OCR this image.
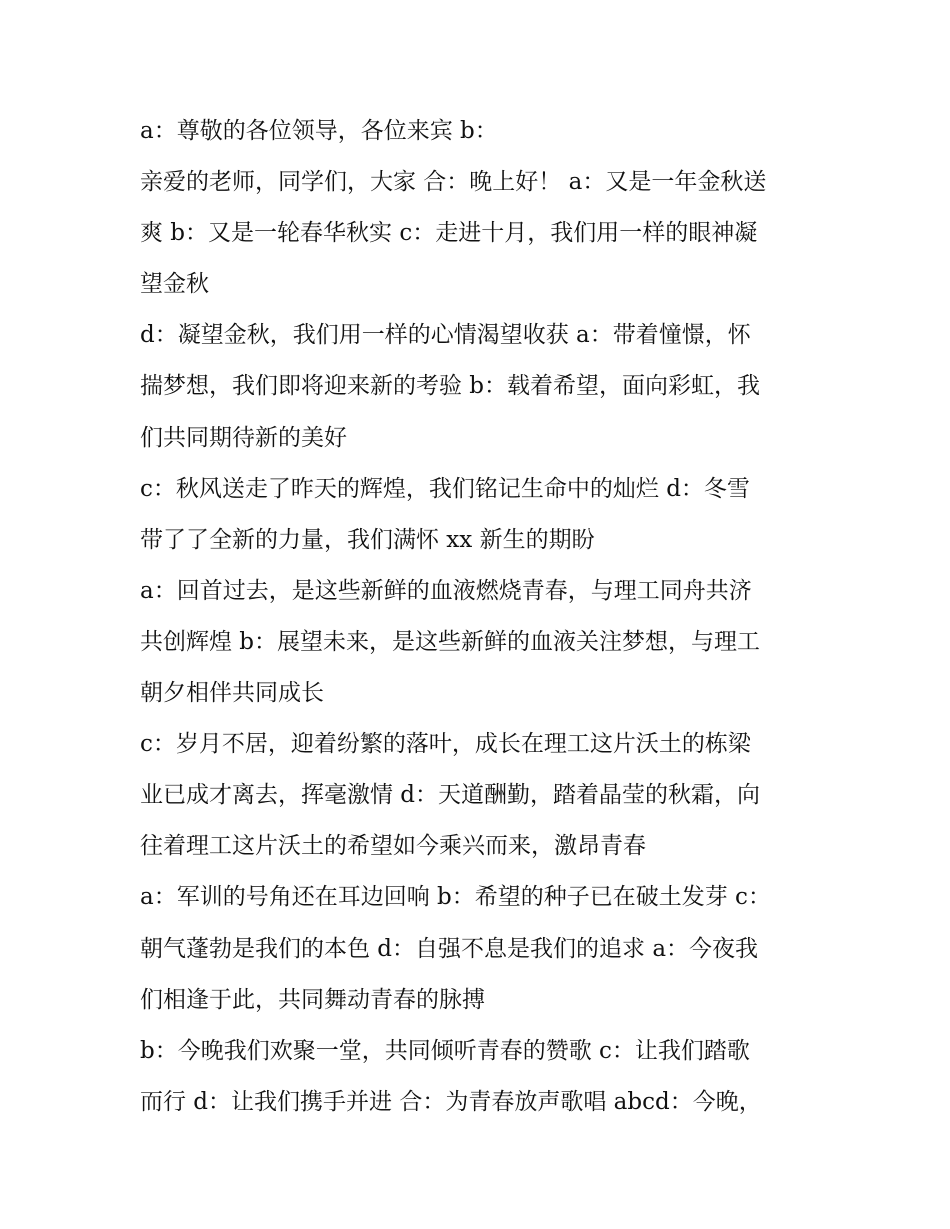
a：尊敬的各位领导，各位来宾 b：
亲爱的老师，同学们，大家 合：晚上好！ a：又是一年金秋送
爽 b：又是一轮春华秋实 c：走进十月，我们用一样的眼神凝
望金秋
d：凝望金秋，我们用一样的心情渴望收获 a：带着憧憬，怀
揣梦想，我们即将迎来新的考验 b：载着希望，面向彩虹，我
们共同期待新的美好
c：秋风送走了昨天的辉煌，我们铭记生命中的灿烂 d：冬雪
带了了全新的力量，我们满怀 xx 新生的期盼
a：回首过去，是这些新鲜的血液燃烧青春，与理工同舟共济
共创辉煌 b：展望未来，是这些新鲜的血液关注梦想，与理工
朝夕相伴共同成长
c：岁月不居，迎着纷繁的落叶，成长在理工这片沃土的栋梁
业已成才离去，挥毫激情 d：天道酬勤，踏着晶莹的秋霜，向
往着理工这片沃土的希望如今乘兴而来，激昂青春
a：军训的号角还在耳边回响 b：希望的种子已在破土发芽 c：
朝气蓬勃是我们的本色 d：自强不息是我们的追求 a：今夜我
们相逢于此，共同舞动青春的脉搏
b：今晚我们欢聚一堂，共同倾听青春的赞歌 c：让我们踏歌
而行 d：让我们携手并进 合：为青春放声歌唱 abcd：今晚，
